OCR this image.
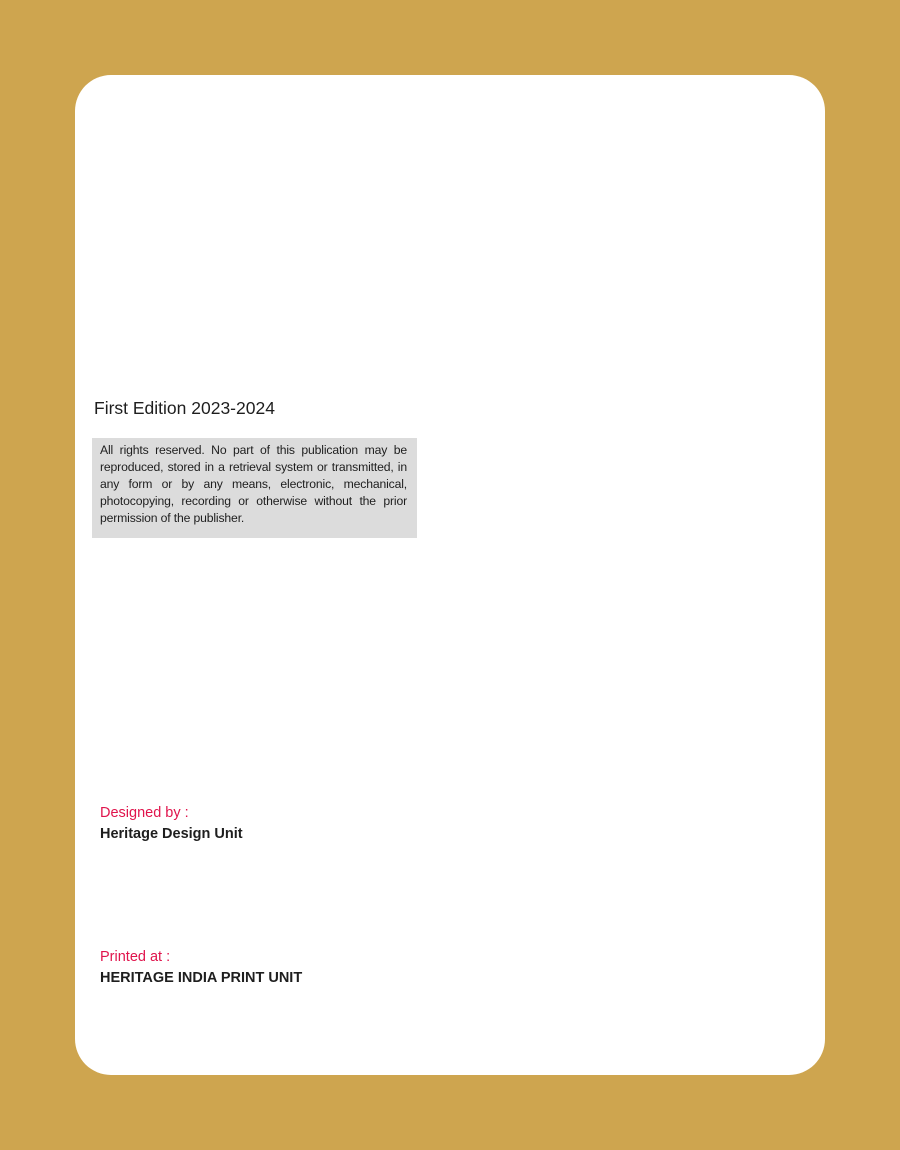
First Edition 2023-2024

All rights reserved. No part of this publication may be reproduced, stored in a retrieval system or transmitted, in any form or by any means, electronic, mechanical, photocopying, recording or otherwise without the prior permission of the publisher.

Designed by :

Heritage Design Unit

Printed at :

HERITAGE INDIA PRINT UNIT
